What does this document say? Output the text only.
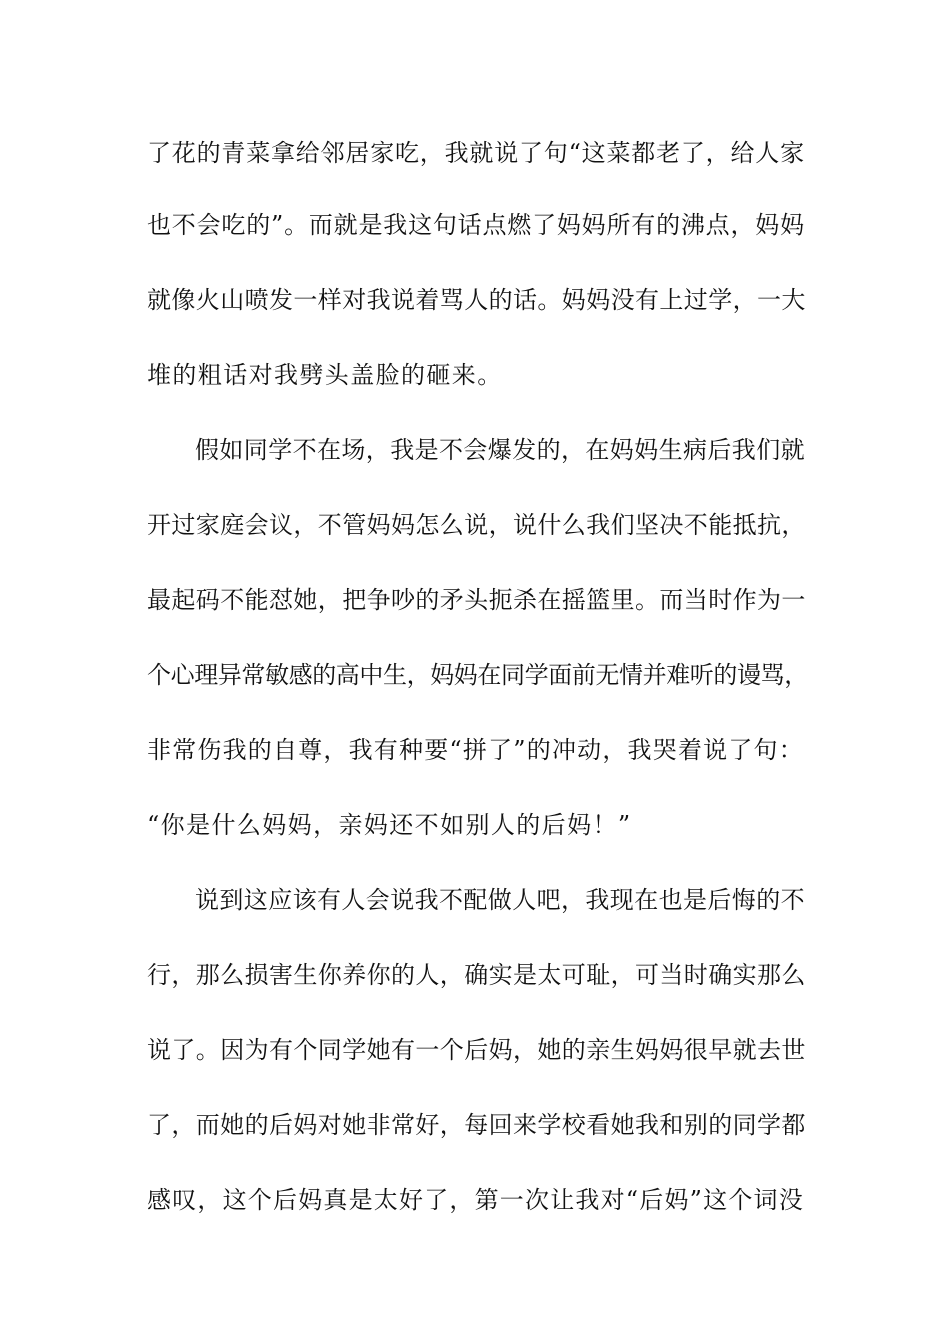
了花的青菜拿给邻居家吃，我就说了句“这菜都老了，给人家
也不会吃的”。而就是我这句话点燃了妈妈所有的沸点，妈妈
就像火山喷发一样对我说着骂人的话。妈妈没有上过学，一大
堆的粗话对我劈头盖脸的砸来。
假如同学不在场，我是不会爆发的，在妈妈生病后我们就
开过家庭会议，不管妈妈怎么说，说什么我们坚决不能抵抗，
最起码不能怼她，把争吵的矛头扼杀在摇篮里。而当时作为一
个心理异常敏感的高中生，妈妈在同学面前无情并难听的谩骂，
非常伤我的自尊，我有种要“拼了”的冲动，我哭着说了句：
“你是什么妈妈，亲妈还不如别人的后妈！”
说到这应该有人会说我不配做人吧，我现在也是后悔的不
行，那么损害生你养你的人，确实是太可耻，可当时确实那么
说了。因为有个同学她有一个后妈，她的亲生妈妈很早就去世
了，而她的后妈对她非常好，每回来学校看她我和别的同学都
感叹，这个后妈真是太好了，第一次让我对“后妈”这个词没
